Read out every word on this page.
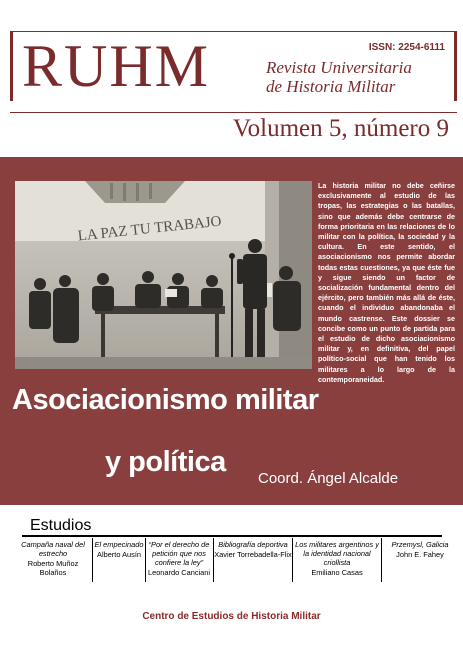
RUHM	ISSN: 2254-6111
Revista Universitaria
de Historia Militar
Volumen 5, número 9
LA PAZ TU TRABAJO

La historia militar no debe ceñirse exclusivamente al estudio de las tropas, las estrategias o las batallas, sino que además debe centrarse de forma prioritaria en las relaciones de lo militar con la política, la sociedad y la cultura. En este sentido, el asociacionismo nos permite abordar todas estas cuestiones, ya que éste fue y sigue siendo un factor de socialización fundamental dentro del ejército, pero también más allá de éste, cuando el individuo abandonaba el mundo castrense. Este dossier se concibe como un punto de partida para el estudio de dicho asociacionismo militar y, en definitiva, del papel político-social que han tenido los militares a lo largo de la contemporaneidad.

Asociacionismo militar
y política
Coord. Ángel Alcalde
Estudios
Campaña naval del estrecho
Roberto Muñoz Bolaños
El empecinado
Alberto Ausín
“Por el derecho de petición que nos confiere la ley”
Leonardo Canciani
Bibliografía deportiva
Xavier Torrebadella-Flix
Los militares argentinos y la identidad nacional criollista
Emiliano Casas
Przemysl, Galicia
John E. Fahey
Centro de Estudios de Historia Militar
